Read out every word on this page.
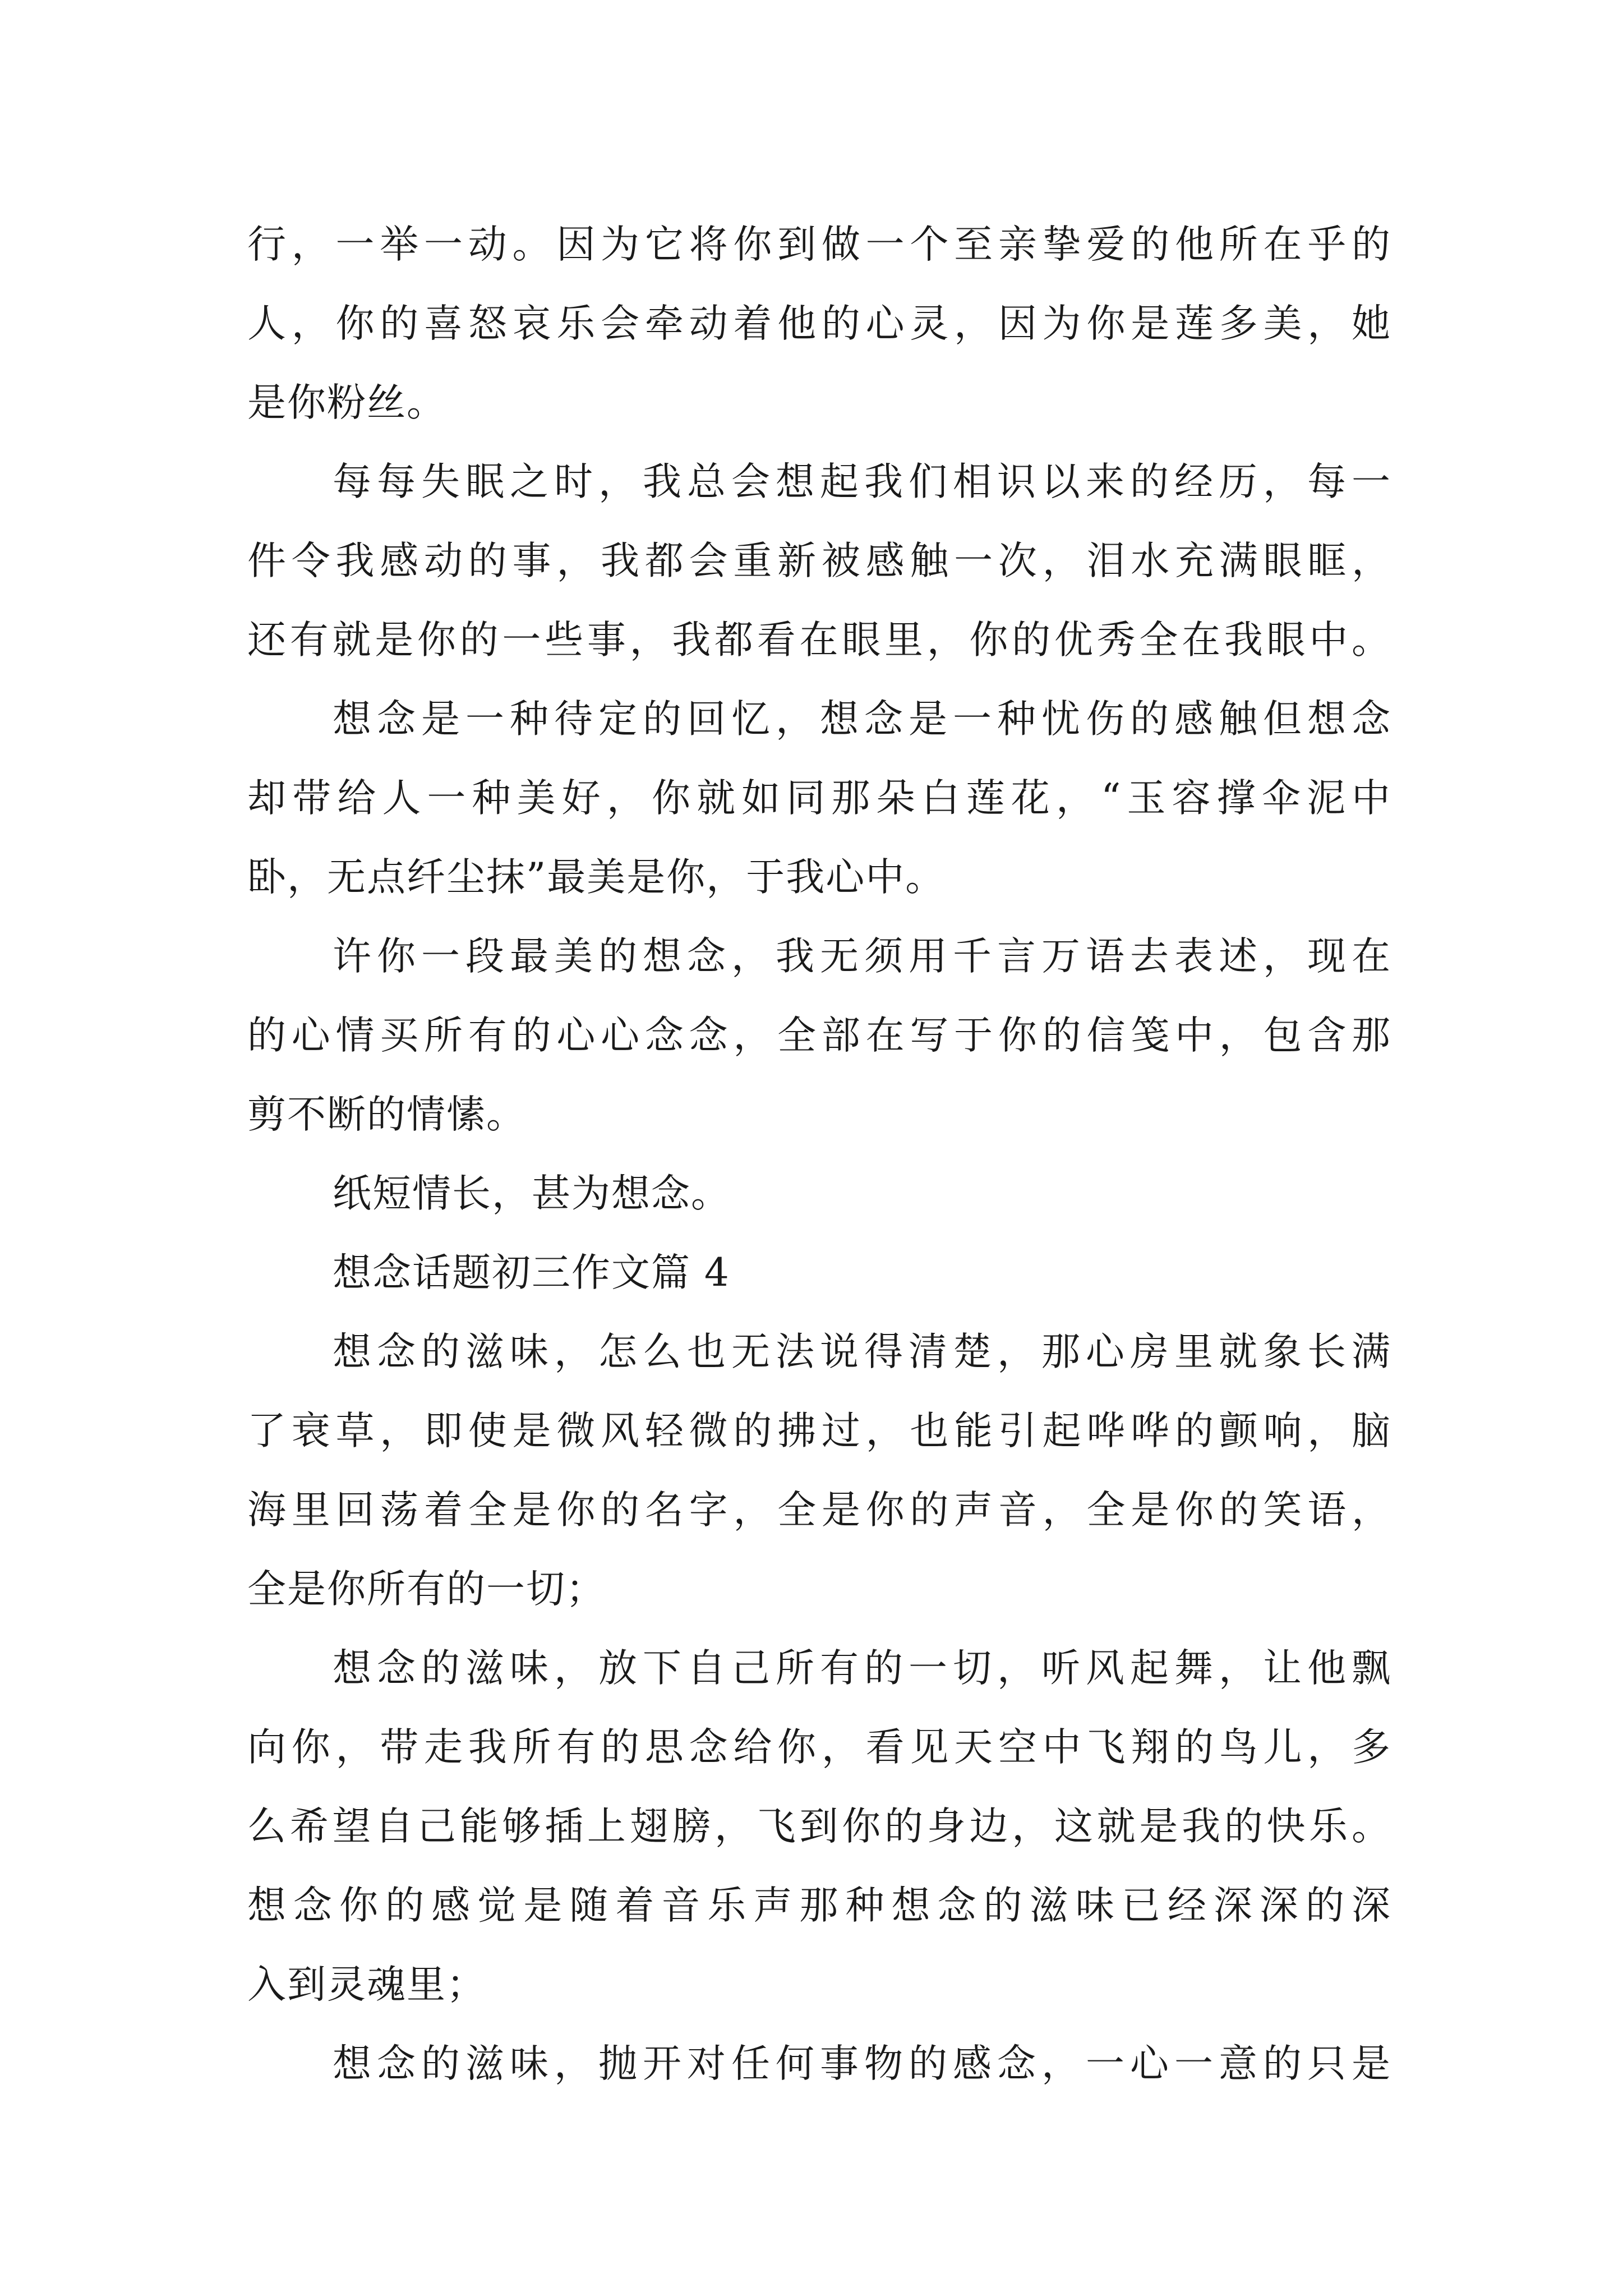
行，一举一动。因为它将你到做一个至亲挚爱的他所在乎的
人，你的喜怒哀乐会牵动着他的心灵，因为你是莲多美，她
是你粉丝。
每每失眠之时，我总会想起我们相识以来的经历，每一
件令我感动的事，我都会重新被感触一次，泪水充满眼眶，
还有就是你的一些事，我都看在眼里，你的优秀全在我眼中。
想念是一种待定的回忆，想念是一种忧伤的感触但想念
却带给人一种美好，你就如同那朵白莲花，“玉容撑伞泥中
卧，无点纤尘抹”最美是你，于我心中。
许你一段最美的想念，我无须用千言万语去表述，现在
的心情买所有的心心念念，全部在写于你的信笺中，包含那
剪不断的情愫。
纸短情长，甚为想念。
想念话题初三作文篇 4
想念的滋味，怎么也无法说得清楚，那心房里就象长满
了衰草，即使是微风轻微的拂过，也能引起哗哗的颤响，脑
海里回荡着全是你的名字，全是你的声音，全是你的笑语，
全是你所有的一切；
想念的滋味，放下自己所有的一切，听风起舞，让他飘
向你，带走我所有的思念给你，看见天空中飞翔的鸟儿，多
么希望自己能够插上翅膀，飞到你的身边，这就是我的快乐。
想念你的感觉是随着音乐声那种想念的滋味已经深深的深
入到灵魂里；
想念的滋味，抛开对任何事物的感念，一心一意的只是
